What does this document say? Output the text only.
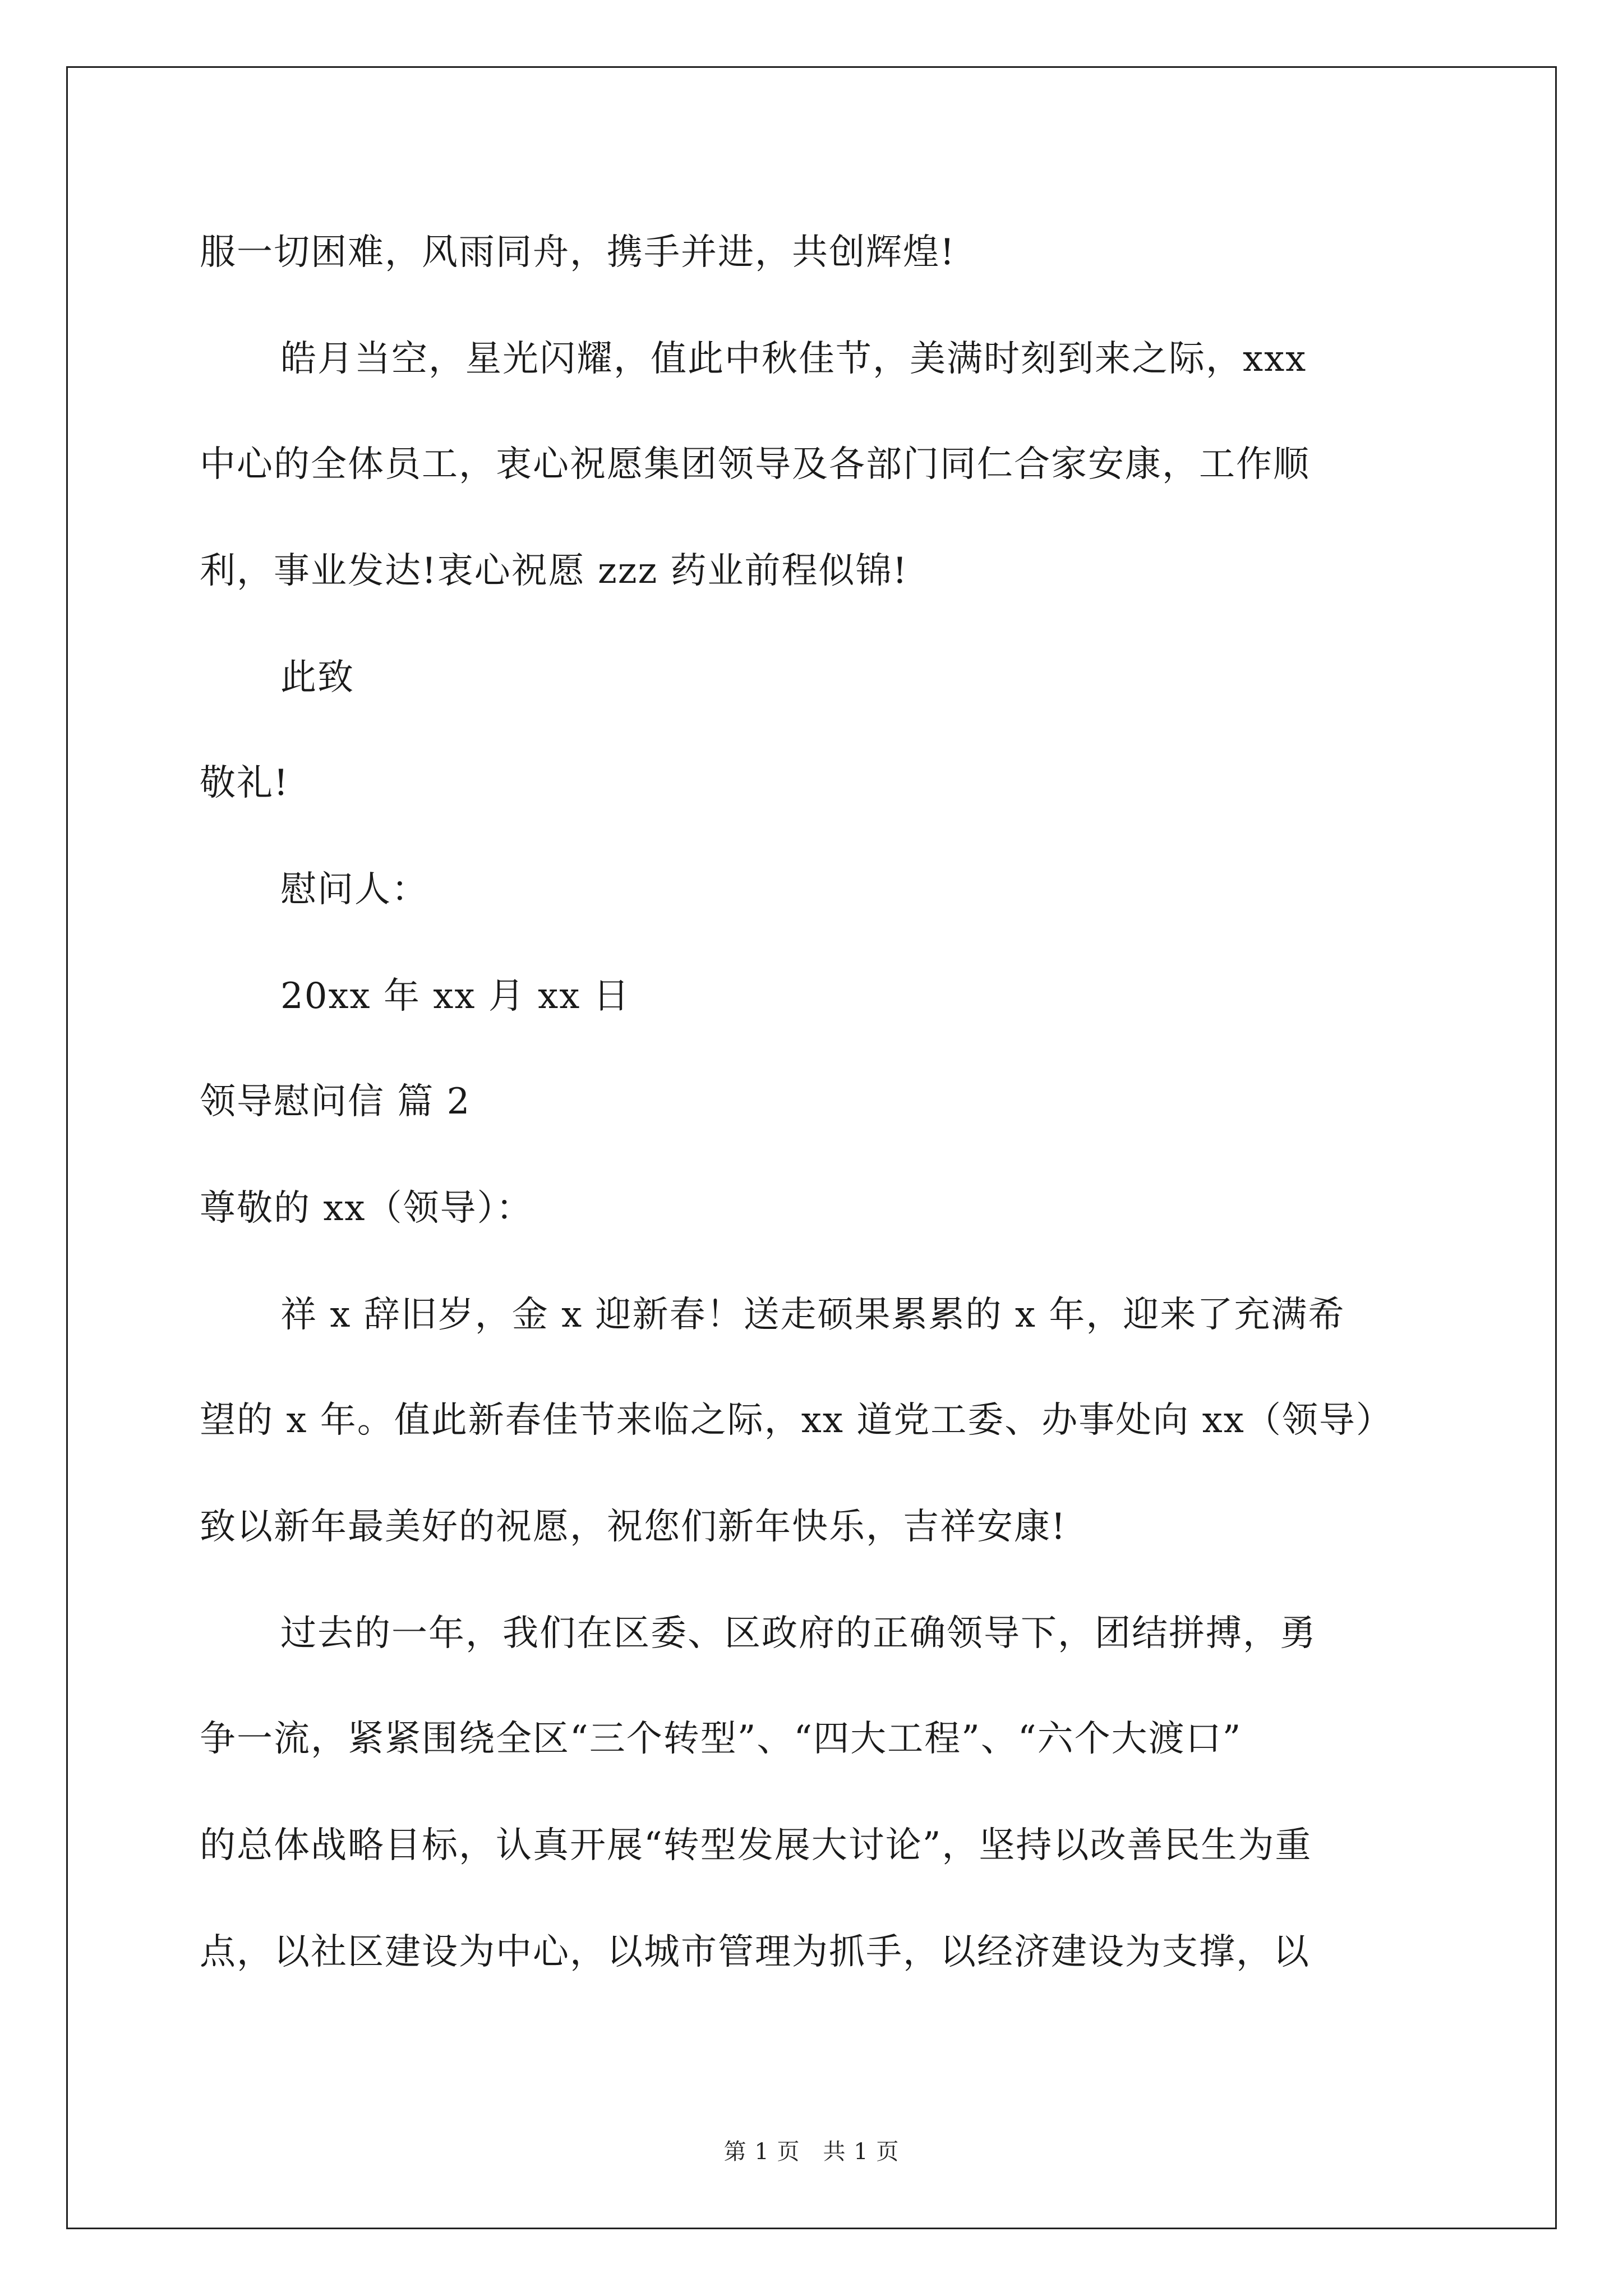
服一切困难，风雨同舟，携手并进，共创辉煌!
皓月当空，星光闪耀，值此中秋佳节，美满时刻到来之际，xxx
中心的全体员工，衷心祝愿集团领导及各部门同仁合家安康，工作顺
利，事业发达!衷心祝愿 zzz 药业前程似锦!
此致
敬礼!
慰问人：
20xx 年 xx 月 xx 日
领导慰问信 篇 2
尊敬的 xx（领导）：
祥 x 辞旧岁，金 x 迎新春！送走硕果累累的 x 年，迎来了充满希
望的 x 年。值此新春佳节来临之际，xx 道党工委、办事处向 xx（领导）
致以新年最美好的祝愿，祝您们新年快乐，吉祥安康!
过去的一年，我们在区委、区政府的正确领导下，团结拼搏，勇
争一流，紧紧围绕全区“三个转型”、“四大工程”、“六个大渡口”
的总体战略目标，认真开展“转型发展大讨论”，坚持以改善民生为重
点，以社区建设为中心，以城市管理为抓手，以经济建设为支撑，以
第 1 页　共 1 页
